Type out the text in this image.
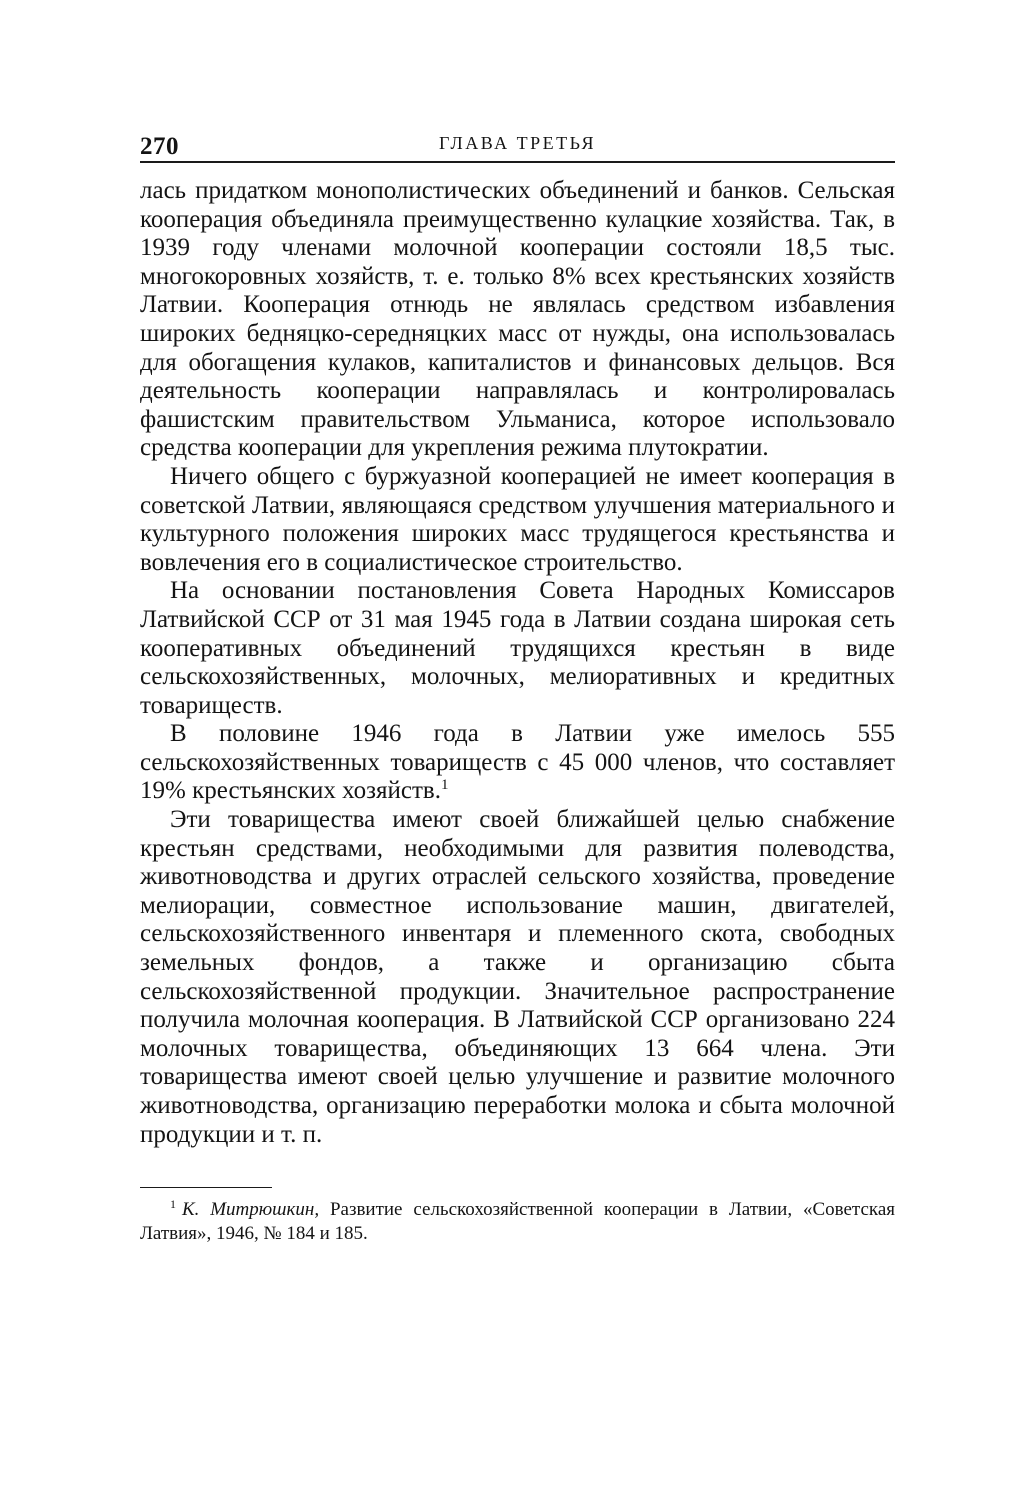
270	ГЛАВА ТРЕТЬЯ

лась придатком монополистических объединений и банков. Сельская кооперация объединяла преимущественно кулацкие хозяйства. Так, в 1939 году членами молочной кооперации состояли 18,5 тыс. многокоровных хозяйств, т. е. только 8% всех крестьянских хозяйств Латвии. Кооперация отнюдь не являлась средством избавления широких бедняцко-середняцких масс от нужды, она использовалась для обогащения кулаков, капиталистов и финансовых дельцов. Вся деятельность кооперации направлялась и контролировалась фашистским правительством Ульманиса, которое использовало средства кооперации для укрепления режима плутократии.

Ничего общего с буржуазной кооперацией не имеет кооперация в советской Латвии, являющаяся средством улучшения материального и культурного положения широких масс трудящегося крестьянства и вовлечения его в социалистическое строительство.

На основании постановления Совета Народных Комиссаров Латвийской ССР от 31 мая 1945 года в Латвии создана широкая сеть кооперативных объединений трудящихся крестьян в виде сельскохозяйственных, молочных, мелиоративных и кредитных товариществ.

В половине 1946 года в Латвии уже имелось 555 сельскохозяйственных товариществ с 45 000 членов, что составляет 19% крестьянских хозяйств.$^1$

Эти товарищества имеют своей ближайшей целью снабжение крестьян средствами, необходимыми для развития полеводства, животноводства и других отраслей сельского хозяйства, проведение мелиорации, совместное использование машин, двигателей, сельскохозяйственного инвентаря и племенного скота, свободных земельных фондов, а также и организацию сбыта сельскохозяйственной продукции. Значительное распространение получила молочная кооперация. В Латвийской ССР организовано 224 молочных товарищества, объединяющих 13 664 члена. Эти товарищества имеют своей целью улучшение и развитие молочного животноводства, организацию переработки молока и сбыта молочной продукции и т. п.

$^1$ К. Митрюшкин, Развитие сельскохозяйственной кооперации в Латвии, «Советская Латвия», 1946, № 184 и 185.
